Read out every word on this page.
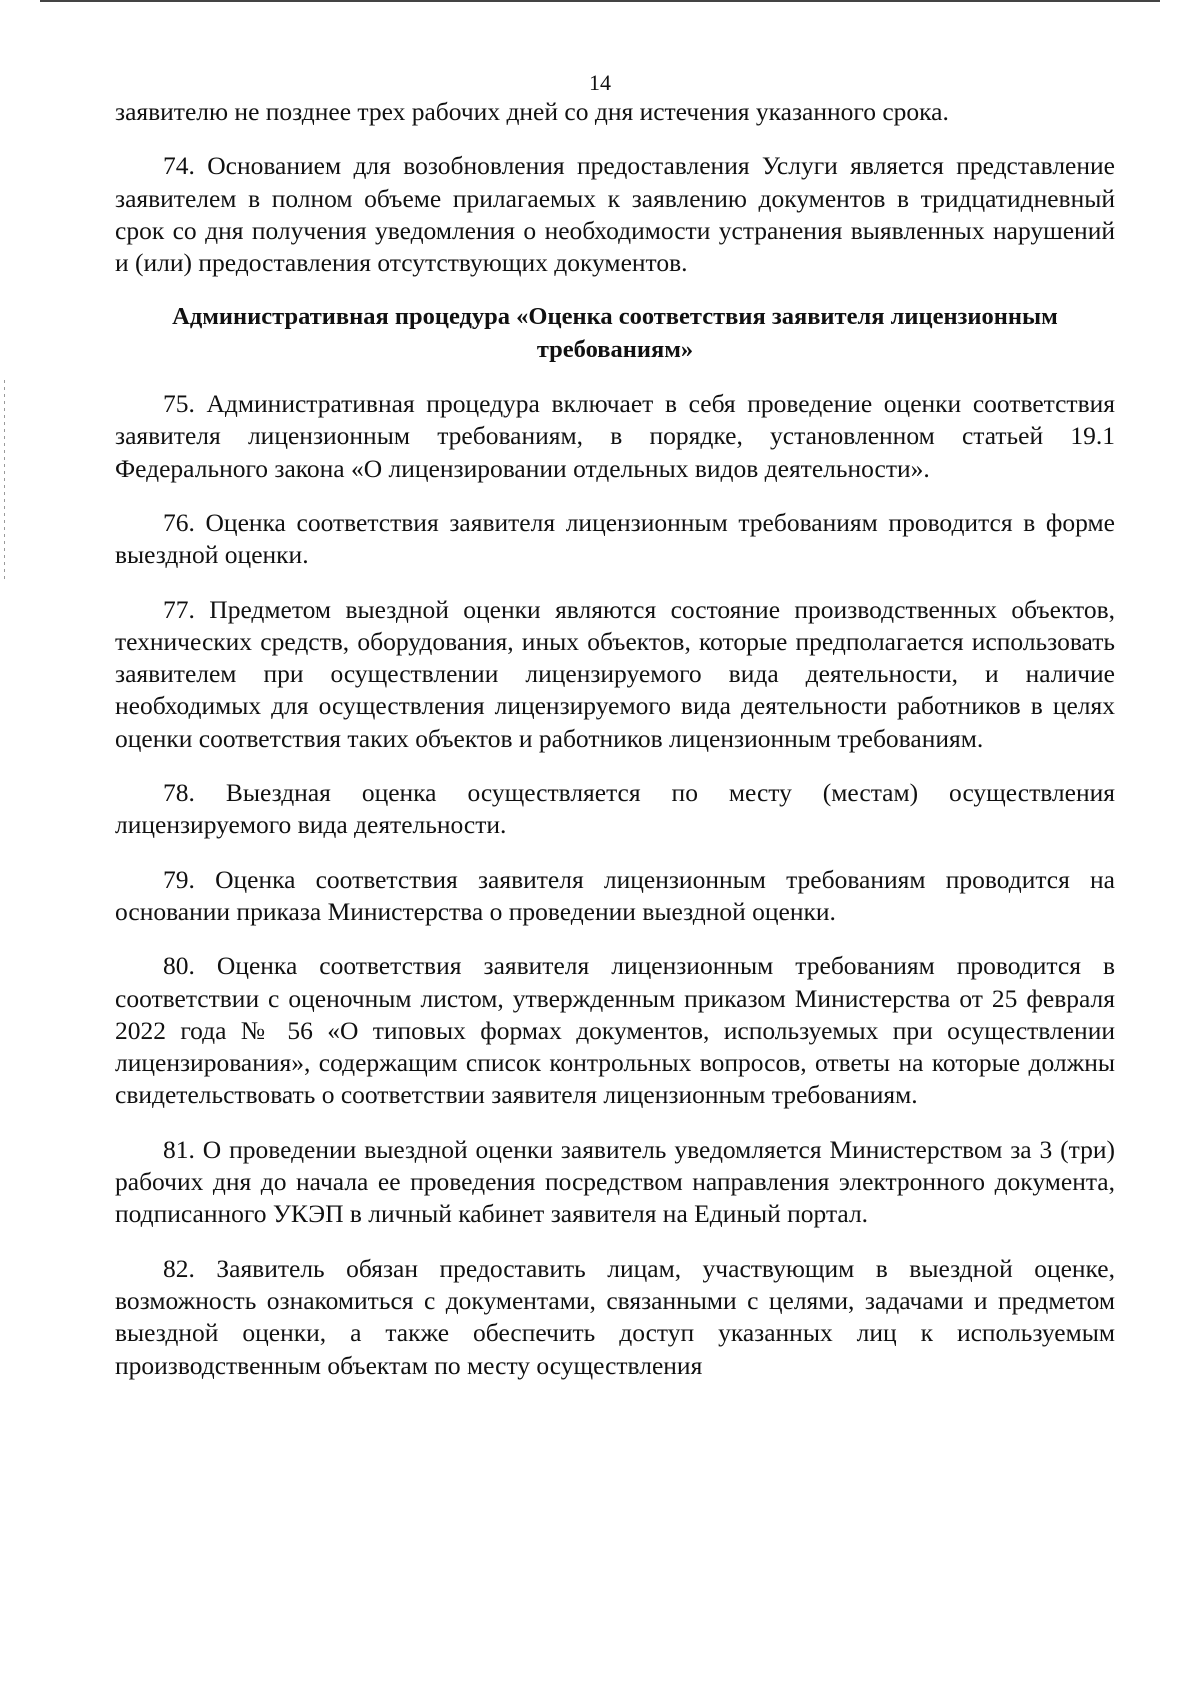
14

заявителю не позднее трех рабочих дней со дня истечения указанного срока.

74. Основанием для возобновления предоставления Услуги является представление заявителем в полном объеме прилагаемых к заявлению документов в тридцатидневный срок со дня получения уведомления о необходимости устранения выявленных нарушений и (или) предоставления отсутствующих документов.

Административная процедура «Оценка соответствия заявителя лицензионным требованиям»

75. Административная процедура включает в себя проведение оценки соответствия заявителя лицензионным требованиям, в порядке, установленном статьей 19.1 Федерального закона «О лицензировании отдельных видов деятельности».

76. Оценка соответствия заявителя лицензионным требованиям проводится в форме выездной оценки.

77. Предметом выездной оценки являются состояние производственных объектов, технических средств, оборудования, иных объектов, которые предполагается использовать заявителем при осуществлении лицензируемого вида деятельности, и наличие необходимых для осуществления лицензируемого вида деятельности работников в целях оценки соответствия таких объектов и работников лицензионным требованиям.

78. Выездная оценка осуществляется по месту (местам) осуществления лицензируемого вида деятельности.

79. Оценка соответствия заявителя лицензионным требованиям проводится на основании приказа Министерства о проведении выездной оценки.

80. Оценка соответствия заявителя лицензионным требованиям проводится в соответствии с оценочным листом, утвержденным приказом Министерства от 25 февраля 2022 года № 56 «О типовых формах документов, используемых при осуществлении лицензирования», содержащим список контрольных вопросов, ответы на которые должны свидетельствовать о соответствии заявителя лицензионным требованиям.

81. О проведении выездной оценки заявитель уведомляется Министерством за 3 (три) рабочих дня до начала ее проведения посредством направления электронного документа, подписанного УКЭП в личный кабинет заявителя на Единый портал.

82. Заявитель обязан предоставить лицам, участвующим в выездной оценке, возможность ознакомиться с документами, связанными с целями, задачами и предметом выездной оценки, а также обеспечить доступ указанных лиц к используемым производственным объектам по месту осуществления
